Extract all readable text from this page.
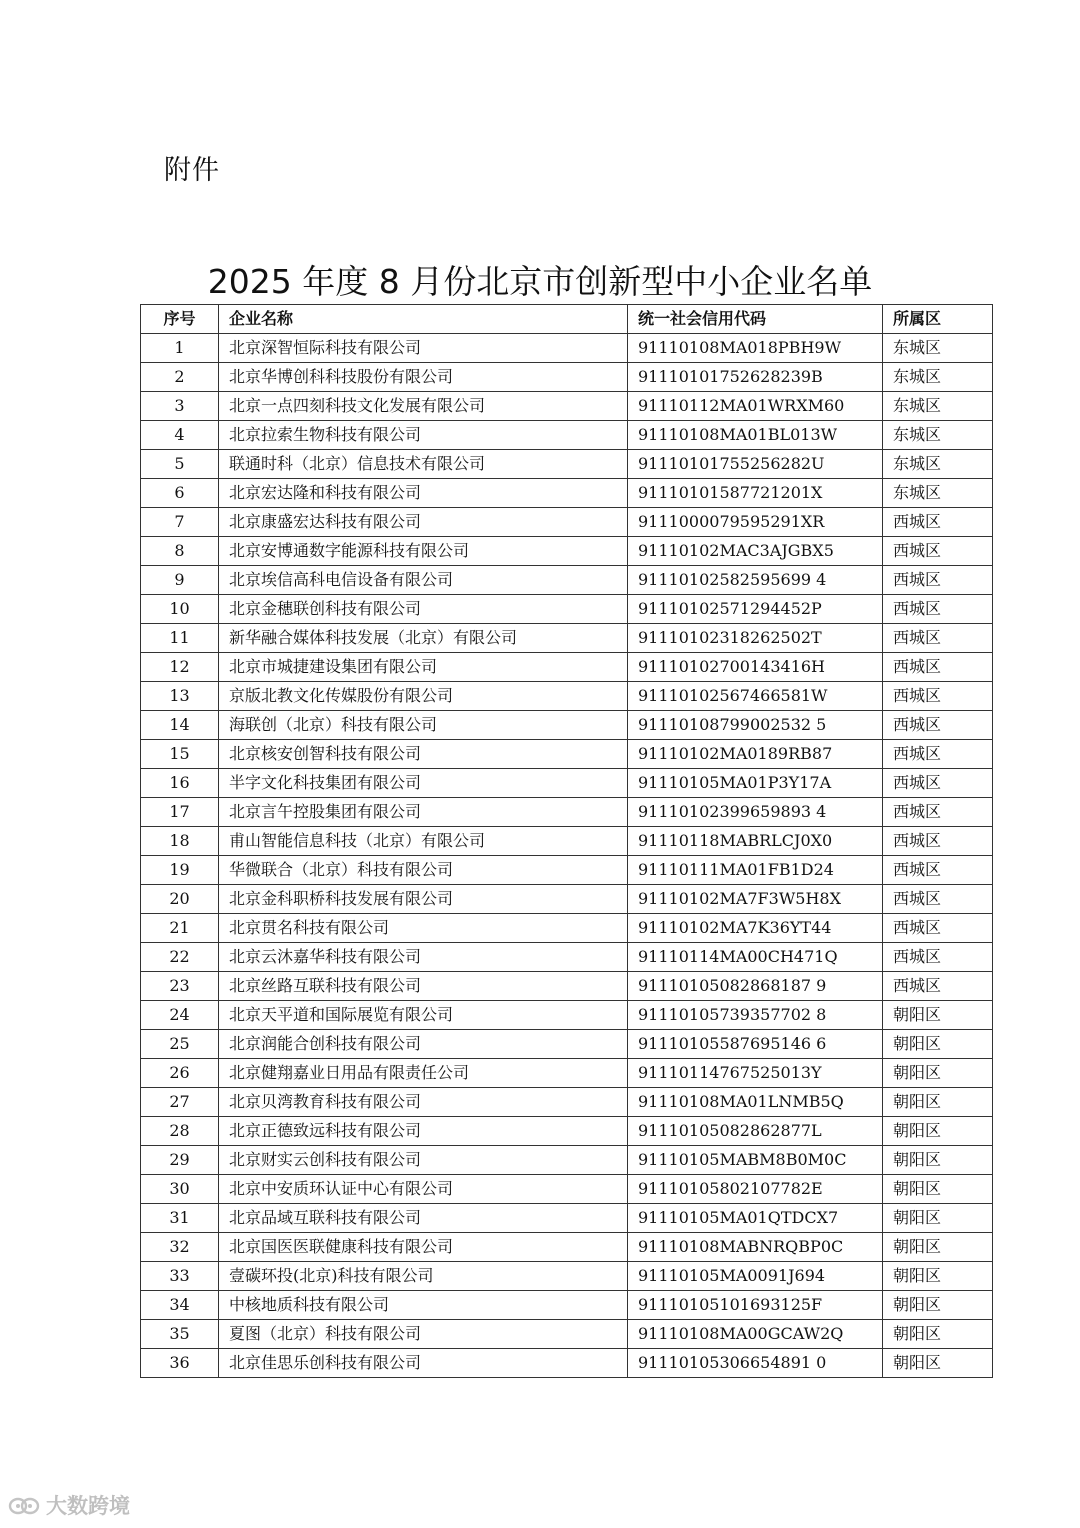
附件
2025 年度 8 月份北京市创新型中小企业名单
序号	企业名称	统一社会信用代码	所属区
1	北京深智恒际科技有限公司	91110108MA018PBH9W	东城区
2	北京华博创科科技股份有限公司	91110101752628239B	东城区
3	北京一点四刻科技文化发展有限公司	91110112MA01WRXM60	东城区
4	北京拉索生物科技有限公司	91110108MA01BL013W	东城区
5	联通时科（北京）信息技术有限公司	91110101755256282U	东城区
6	北京宏达隆和科技有限公司	91110101587721201X	东城区
7	北京康盛宏达科技有限公司	9111000079595291XR	西城区
8	北京安博通数字能源科技有限公司	91110102MAC3AJGBX5	西城区
9	北京埃信高科电信设备有限公司	91110102582595699 4	西城区
10	北京金穗联创科技有限公司	91110102571294452P	西城区
11	新华融合媒体科技发展（北京）有限公司	91110102318262502T	西城区
12	北京市城捷建设集团有限公司	91110102700143416H	西城区
13	京版北教文化传媒股份有限公司	91110102567466581W	西城区
14	海联创（北京）科技有限公司	91110108799002532 5	西城区
15	北京核安创智科技有限公司	91110102MA0189RB87	西城区
16	半字文化科技集团有限公司	91110105MA01P3Y17A	西城区
17	北京言午控股集团有限公司	91110102399659893 4	西城区
18	甫山智能信息科技（北京）有限公司	91110118MABRLCJ0X0	西城区
19	华微联合（北京）科技有限公司	91110111MA01FB1D24	西城区
20	北京金科职桥科技发展有限公司	91110102MA7F3W5H8X	西城区
21	北京贯名科技有限公司	91110102MA7K36YT44	西城区
22	北京云沐嘉华科技有限公司	91110114MA00CH471Q	西城区
23	北京丝路互联科技有限公司	91110105082868187 9	西城区
24	北京天平道和国际展览有限公司	91110105739357702 8	朝阳区
25	北京润能合创科技有限公司	91110105587695146 6	朝阳区
26	北京健翔嘉业日用品有限责任公司	91110114767525013Y	朝阳区
27	北京贝湾教育科技有限公司	91110108MA01LNMB5Q	朝阳区
28	北京正德致远科技有限公司	91110105082862877L	朝阳区
29	北京财实云创科技有限公司	91110105MABM8B0M0C	朝阳区
30	北京中安质环认证中心有限公司	91110105802107782E	朝阳区
31	北京品域互联科技有限公司	91110105MA01QTDCX7	朝阳区
32	北京国医医联健康科技有限公司	91110108MABNRQBP0C	朝阳区
33	壹碳环投(北京)科技有限公司	91110105MA0091J694	朝阳区
34	中核地质科技有限公司	91110105101693125F	朝阳区
35	夏图（北京）科技有限公司	91110108MA00GCAW2Q	朝阳区
36	北京佳思乐创科技有限公司	91110105306654891 0	朝阳区
大数跨境
